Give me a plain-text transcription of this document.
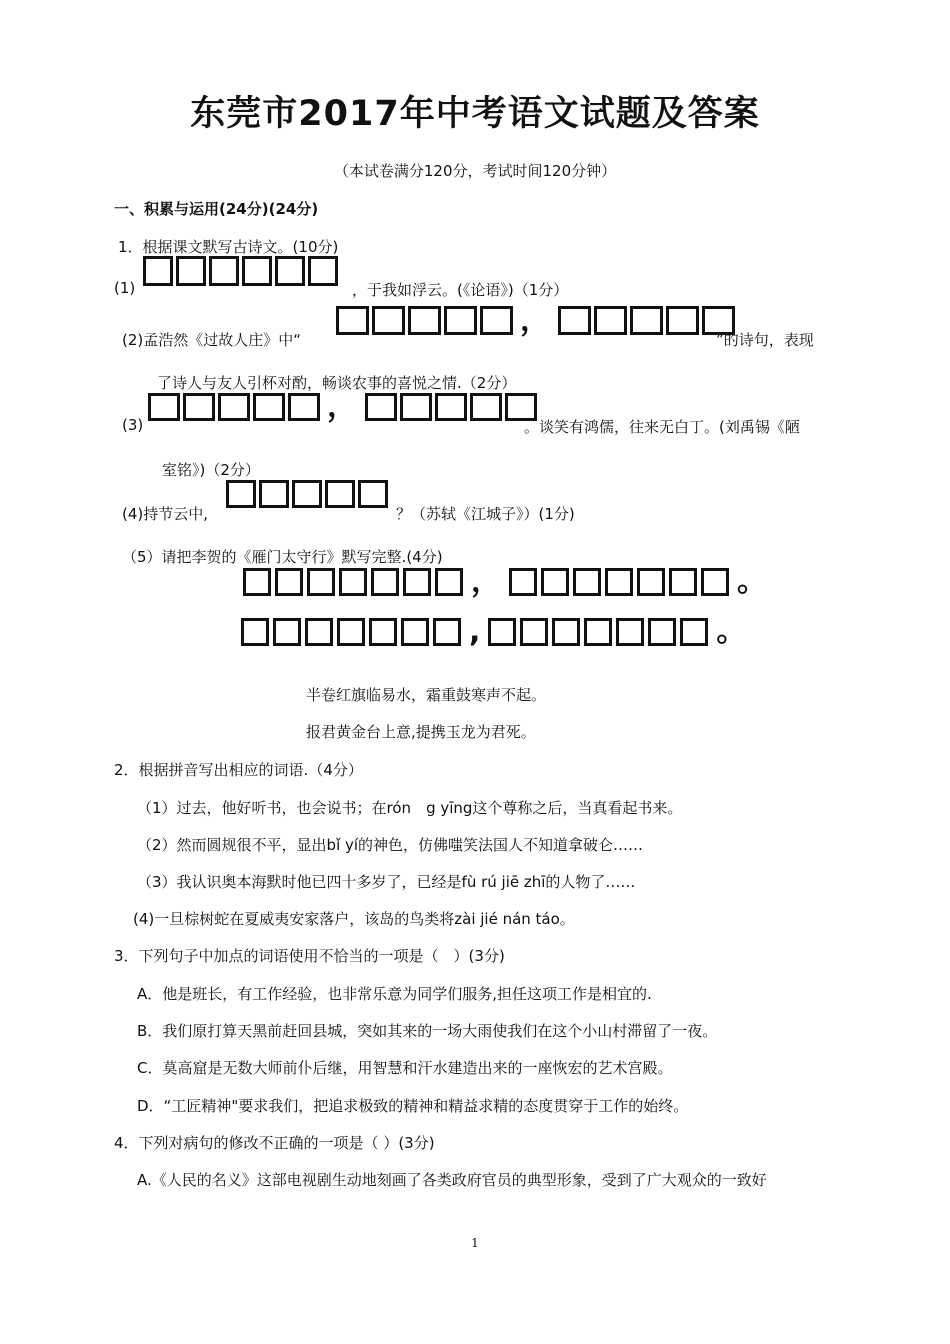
东莞市2017年中考语文试题及答案
（本试卷满分120分，考试时间120分钟）
一、积累与运用(24分)(24分)
1．根据课文默写古诗文。(10分)
(1)	，于我如浮云。(《论语》)（1分）
(2)孟浩然《过故人庄》中“
，
”的诗句，表现
了诗人与友人引杯对酌，畅谈农事的喜悦之情.（2分）
(3)
，
。谈笑有鸿儒，往来无白丁。(刘禹锡《陋
室铭》)（2分）
(4)持节云中,	？（苏轼《江城子》）(1分)
（5）请把李贺的《雁门太守行》默写完整.(4分)
，	。
,	。
半卷红旗临易水，霜重鼓寒声不起。
报君黄金台上意,提携玉龙为君死。
2．根据拼音写出相应的词语.（4分）
（1）过去，他好听书，也会说书；在rón　g yīng这个尊称之后，当真看起书来。
（2）然而圆规很不平，显出bǐ yí的神色，仿佛嗤笑法国人不知道拿破仑……
（3）我认识奥本海默时他已四十多岁了，已经是fù rú jiē zhī的人物了……
(4)一旦棕树蛇在夏威夷安家落户，该岛的鸟类将zài jié nán táo。
3．下列句子中加点的词语使用不恰当的一项是（　）(3分)
A．他是班长，有工作经验，也非常乐意为同学们服务,担任这项工作是相宜的.
B．我们原打算天黑前赶回县城，突如其来的一场大雨使我们在这个小山村滞留了一夜。
C．莫高窟是无数大师前仆后继，用智慧和汗水建造出来的一座恢宏的艺术宫殿。
D．“工匠精神"要求我们，把追求极致的精神和精益求精的态度贯穿于工作的始终。
4．下列对病句的修改不正确的一项是（ ）(3分)
A.《人民的名义》这部电视剧生动地刻画了各类政府官员的典型形象，受到了广大观众的一致好
1
